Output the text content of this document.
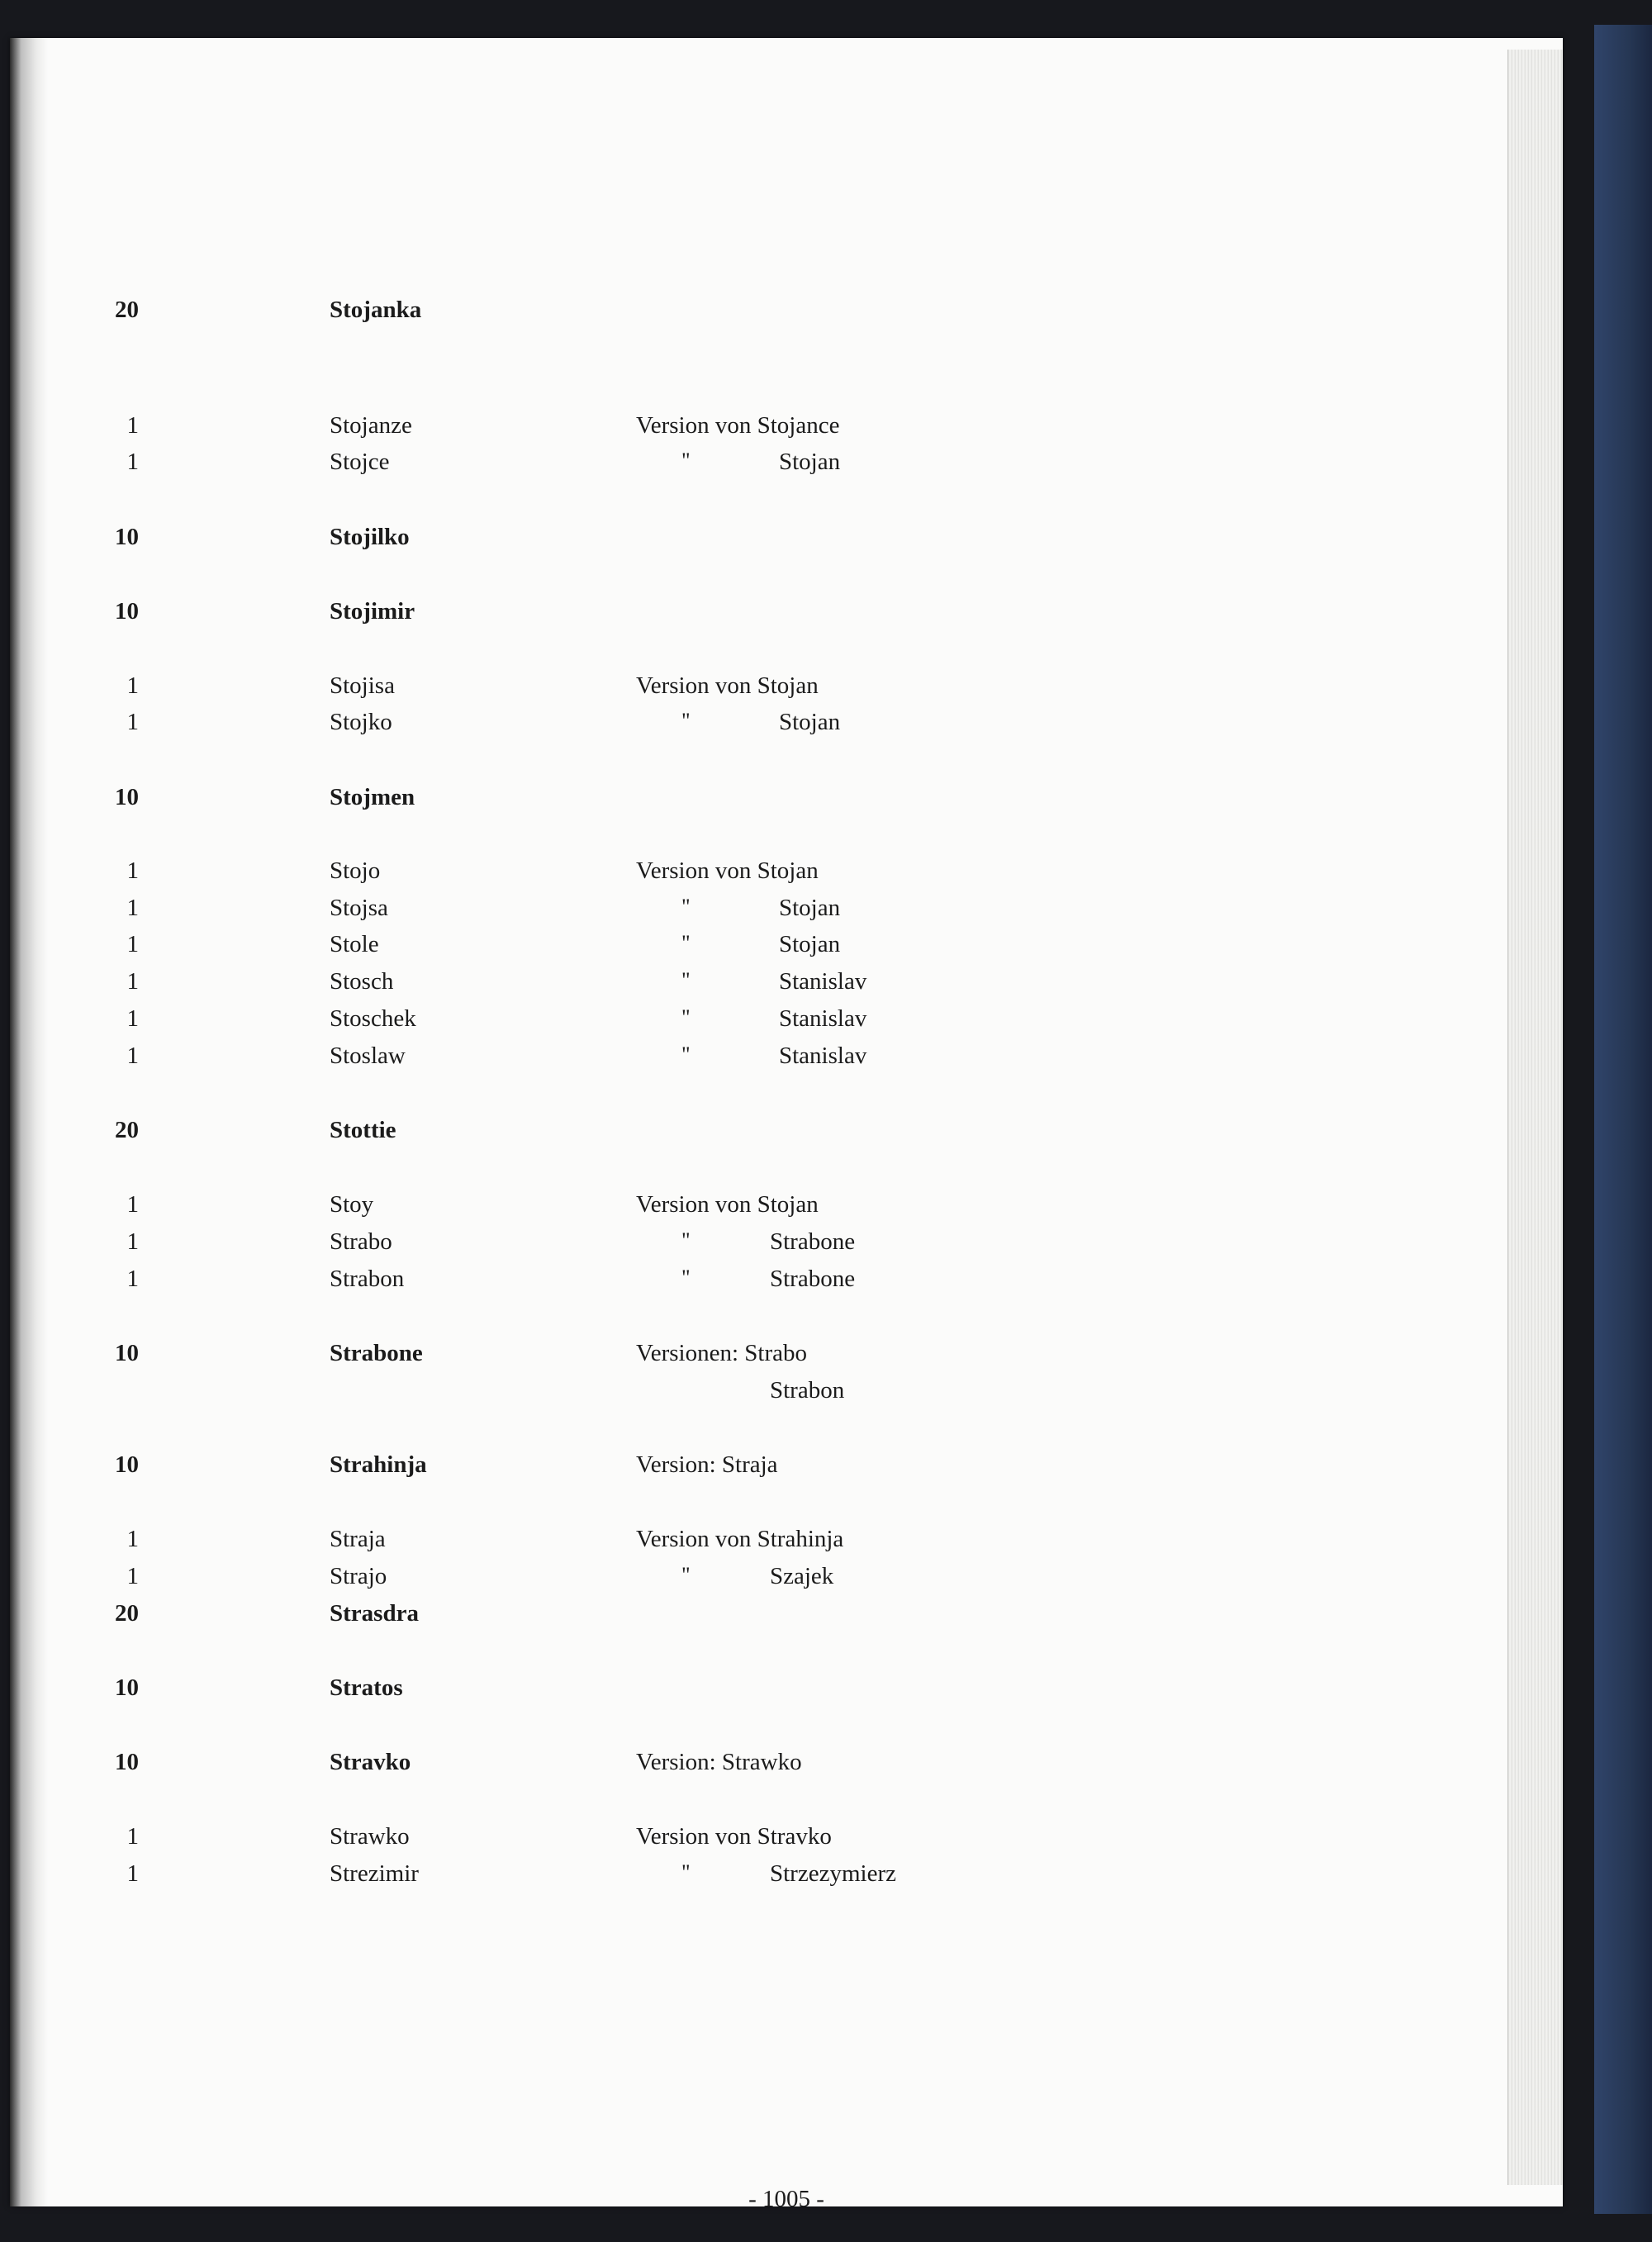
20	Stojanka
1	Stojanze	Version von Stojance
1	Stojce	"	Stojan
10	Stojilko
10	Stojimir
1	Stojisa	Version von Stojan
1	Stojko	"	Stojan
10	Stojmen
1	Stojo	Version von Stojan
1	Stojsa	"	Stojan
1	Stole	"	Stojan
1	Stosch	"	Stanislav
1	Stoschek	"	Stanislav
1	Stoslaw	"	Stanislav
20	Stottie
1	Stoy	Version von Stojan
1	Strabo	"	Strabone
1	Strabon	"	Strabone
10	Strabone	Versionen: Strabo
Strabon
10	Strahinja	Version: Straja
1	Straja	Version von Strahinja
1	Strajo	"	Szajek
20	Strasdra
10	Stratos
10	Stravko	Version: Strawko
1	Strawko	Version von Stravko
1	Strezimir	"	Strzezymierz
- 1005 -
